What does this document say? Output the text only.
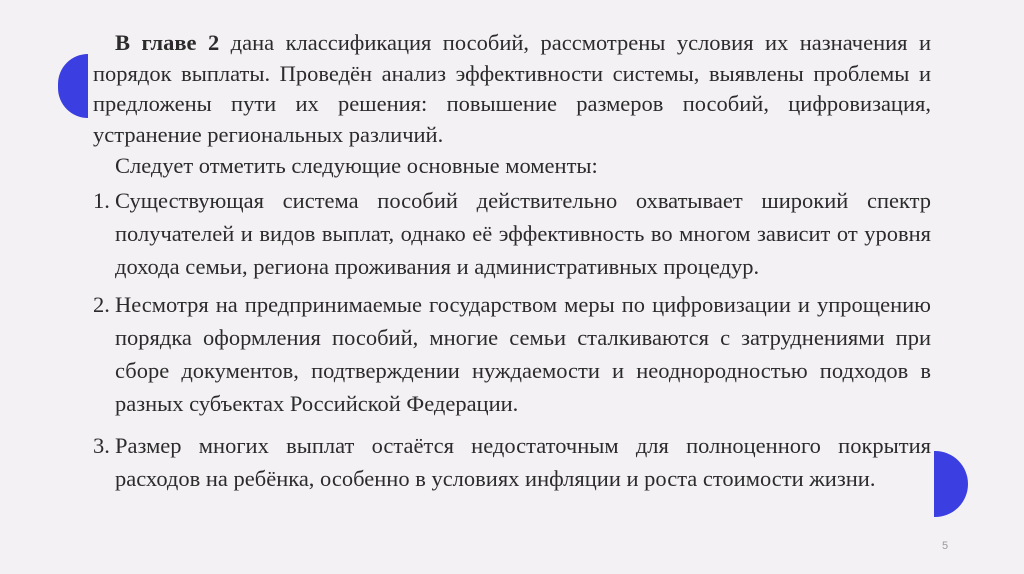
В главе 2 дана классификация пособий, рассмотрены условия их назначения и порядок выплаты. Проведён анализ эффективности системы, выявлены проблемы и предложены пути их решения: повышение размеров пособий, цифровизация, устранение региональных различий.

Следует отметить следующие основные моменты:

1. Существующая система пособий действительно охватывает широкий спектр получателей и видов выплат, однако её эффективность во многом зависит от уровня дохода семьи, региона проживания и административных процедур.
2. Несмотря на предпринимаемые государством меры по цифровизации и упрощению порядка оформления пособий, многие семьи сталкиваются с затруднениями при сборе документов, подтверждении нуждаемости и неоднородностью подходов в разных субъектах Российской Федерации.
3. Размер многих выплат остаётся недостаточным для полноценного покрытия расходов на ребёнка, особенно в условиях инфляции и роста стоимости жизни.
5
